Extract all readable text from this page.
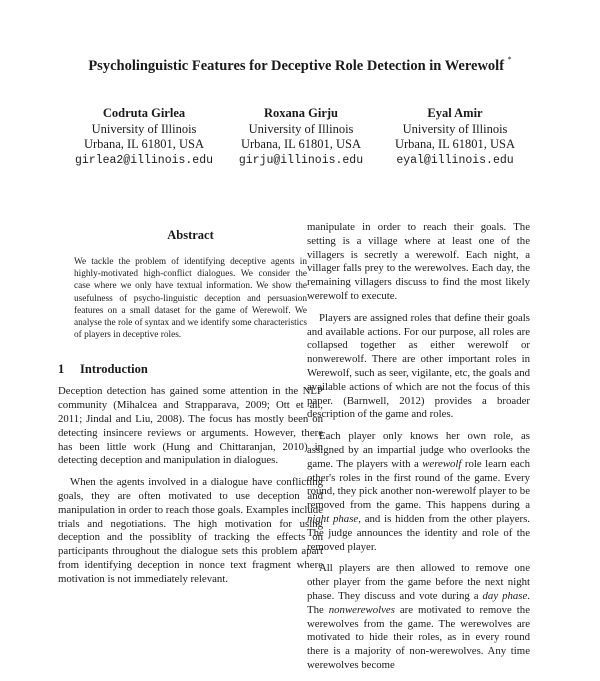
Psycholinguistic Features for Deceptive Role Detection in Werewolf *
Codruta Girlea
University of Illinois
Urbana, IL 61801, USA
girlea2@illinois.edu
Roxana Girju
University of Illinois
Urbana, IL 61801, USA
girju@illinois.edu
Eyal Amir
University of Illinois
Urbana, IL 61801, USA
eyal@illinois.edu
Abstract
We tackle the problem of identifying deceptive agents in highly-motivated high-conflict dialogues. We consider the case where we only have textual information. We show the usefulness of psycho-linguistic deception and persuasion features on a small dataset for the game of Werewolf. We analyse the role of syntax and we identify some characteristics of players in deceptive roles.
1 Introduction

Deception detection has gained some attention in the NLP community (Mihalcea and Strapparava, 2009; Ott et al., 2011; Jindal and Liu, 2008). The focus has mostly been on detecting insincere reviews or arguments. However, there has been little work (Hung and Chittaranjan, 2010) in detecting deception and manipulation in dialogues.

When the agents involved in a dialogue have conflicting goals, they are often motivated to use deception and manipulation in order to reach those goals. Examples include trials and negotiations. The high motivation for using deception and the possiblity of tracking the effects on participants throughout the dialogue sets this problem apart from identifying deception in nonce text fragment where motivation is not immediately relevant.

manipulate in order to reach their goals. The setting is a village where at least one of the villagers is secretly a werewolf. Each night, a villager falls prey to the werewolves. Each day, the remaining villagers discuss to find the most likely werewolf to execute.

Players are assigned roles that define their goals and available actions. For our purpose, all roles are collapsed together as either werewolf or nonwerewolf. There are other important roles in Werewolf, such as seer, vigilante, etc, the goals and available actions of which are not the focus of this paper. (Barnwell, 2012) provides a broader description of the game and roles.

Each player only knows her own role, as assigned by an impartial judge who overlooks the game. The players with a werewolf role learn each other's roles in the first round of the game. Every round, they pick another non-werewolf player to be removed from the game. This happens during a night phase, and is hidden from the other players. The judge announces the identity and role of the removed player.

All players are then allowed to remove one other player from the game before the next night phase. They discuss and vote during a day phase. The nonwerewolves are motivated to remove the werewolves from the game. The werewolves are motivated to hide their roles, as in every round there is a majority of non-werewolves. Any time werewolves become
